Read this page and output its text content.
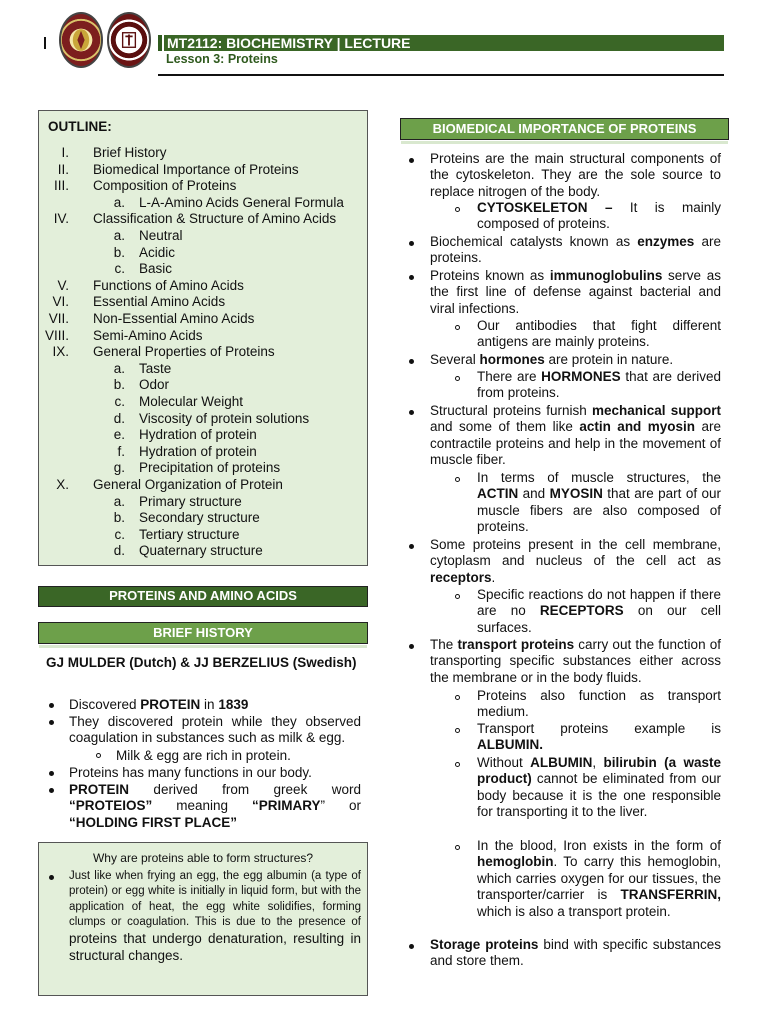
MT2112: BIOCHEMISTRY | LECTURE
Lesson 3: Proteins
OUTLINE:
I. Brief History
II. Biomedical Importance of Proteins
III. Composition of Proteins
a. L-A-Amino Acids General Formula
IV. Classification & Structure of Amino Acids
a. Neutral
b. Acidic
c. Basic
V. Functions of Amino Acids
VI. Essential Amino Acids
VII. Non-Essential Amino Acids
VIII. Semi-Amino Acids
IX. General Properties of Proteins
a. Taste
b. Odor
c. Molecular Weight
d. Viscosity of protein solutions
e. Hydration of protein
f. Hydration of protein
g. Precipitation of proteins
X. General Organization of Protein
a. Primary structure
b. Secondary structure
c. Tertiary structure
d. Quaternary structure
PROTEINS AND AMINO ACIDS
BRIEF HISTORY
GJ MULDER (Dutch) & JJ BERZELIUS (Swedish)
Discovered PROTEIN in 1839
They discovered protein while they observed coagulation in substances such as milk & egg.
Milk & egg are rich in protein.
Proteins has many functions in our body.
PROTEIN derived from greek word “PROTEIOS” meaning “PRIMARY” or “HOLDING FIRST PLACE”
Why are proteins able to form structures?
Just like when frying an egg, the egg albumin (a type of protein) or egg white is initially in liquid form, but with the application of heat, the egg white solidifies, forming clumps or coagulation. This is due to the presence of proteins that undergo denaturation, resulting in structural changes.
BIOMEDICAL IMPORTANCE OF PROTEINS
Proteins are the main structural components of the cytoskeleton. They are the sole source to replace nitrogen of the body.
CYTOSKELETON – It is mainly composed of proteins.
Biochemical catalysts known as enzymes are proteins.
Proteins known as immunoglobulins serve as the first line of defense against bacterial and viral infections.
Our antibodies that fight different antigens are mainly proteins.
Several hormones are protein in nature.
There are HORMONES that are derived from proteins.
Structural proteins furnish mechanical support and some of them like actin and myosin are contractile proteins and help in the movement of muscle fiber.
In terms of muscle structures, the ACTIN and MYOSIN that are part of our muscle fibers are also composed of proteins.
Some proteins present in the cell membrane, cytoplasm and nucleus of the cell act as receptors.
Specific reactions do not happen if there are no RECEPTORS on our cell surfaces.
The transport proteins carry out the function of transporting specific substances either across the membrane or in the body fluids.
Proteins also function as transport medium.
Transport proteins example is ALBUMIN.
Without ALBUMIN, bilirubin (a waste product) cannot be eliminated from our body because it is the one responsible for transporting it to the liver.
In the blood, Iron exists in the form of hemoglobin. To carry this hemoglobin, which carries oxygen for our tissues, the transporter/carrier is TRANSFERRIN, which is also a transport protein.
Storage proteins bind with specific substances and store them.
